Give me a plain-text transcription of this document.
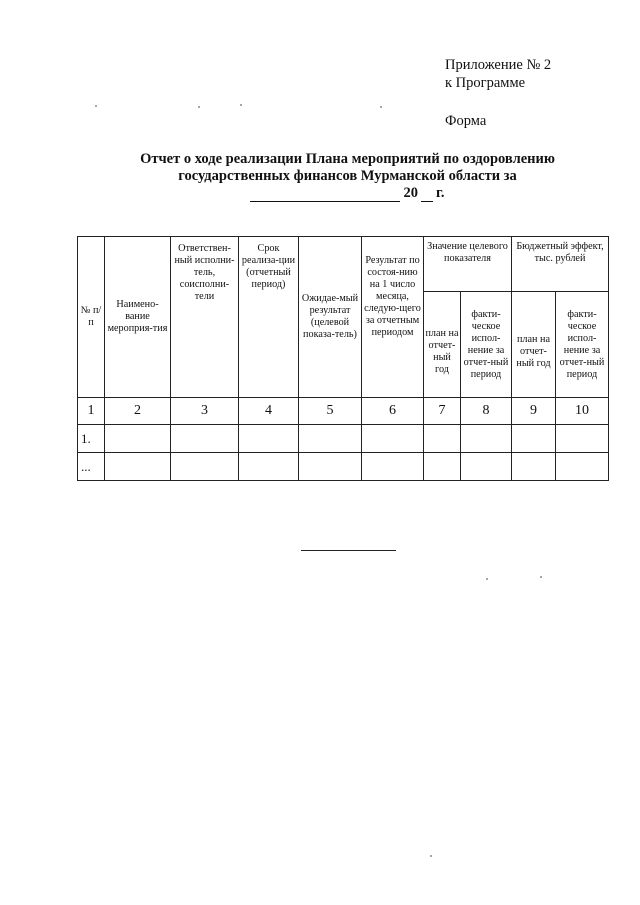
Приложение № 2
к Программе
Форма
Отчет о ходе реализации Плана мероприятий по оздоровлению
государственных финансов Мурманской области за
20 г.
№ п/п	Наимено-вание мероприя-тия	Ответствен-ный исполни-тель, соисполни-тели	Срок реализа-ции (отчетный период)	Ожидае-мый результат (целевой показа-тель)	Результат по состоя-нию на 1 число месяца, следую-щего за отчетным периодом	Значение целевого показателя		Бюджетный эффект, тыс. рублей	
						план на отчет-ный год	факти-ческое испол-нение за отчет-ный период	план на отчет-ный год	факти-ческое испол-нение за отчет-ный период
1	2	3	4	5	6	7	8	9	10
1.									
...									
